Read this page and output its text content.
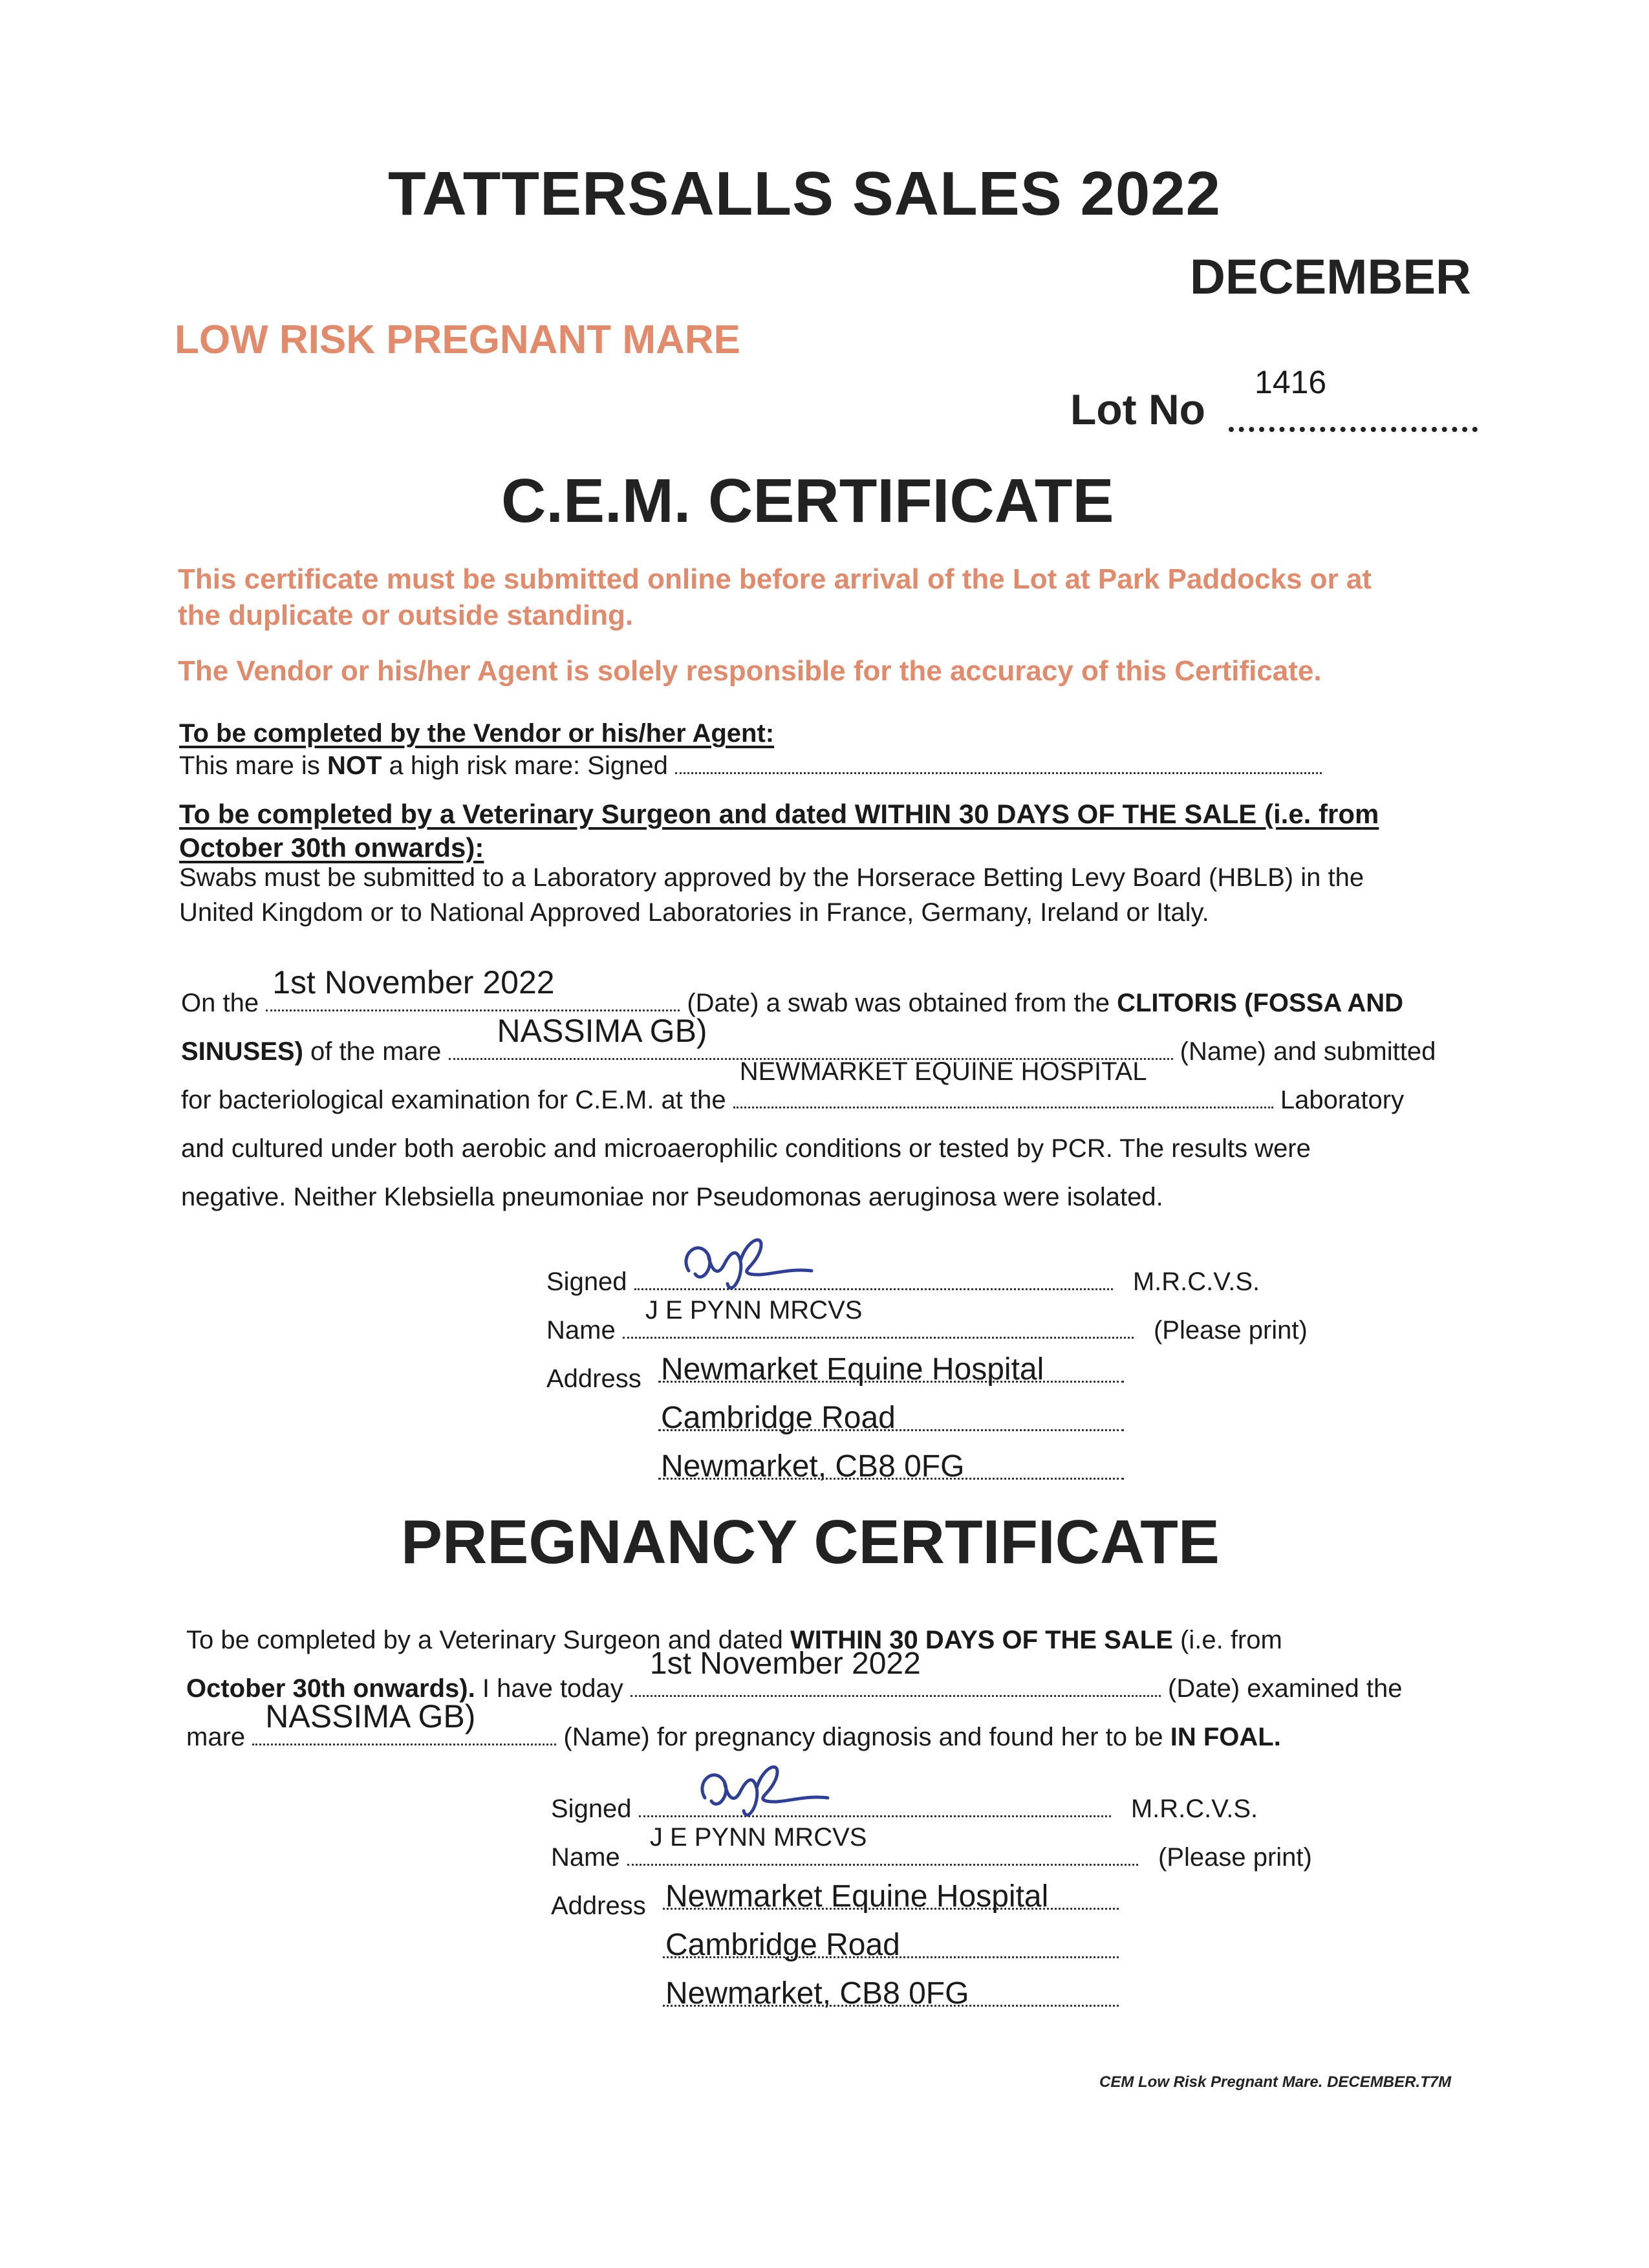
TATTERSALLS SALES 2022
DECEMBER
LOW RISK PREGNANT MARE
Lot No
1416
C.E.M. CERTIFICATE
This certificate must be submitted online before arrival of the Lot at Park Paddocks or at
the duplicate or outside standing.
The Vendor or his/her Agent is solely responsible for the accuracy of this Certificate.
To be completed by the Vendor or his/her Agent:
This mare is NOT a high risk mare: Signed
To be completed by a Veterinary Surgeon and dated WITHIN 30 DAYS OF THE SALE (i.e. from
October 30th onwards):
Swabs must be submitted to a Laboratory approved by the Horserace Betting Levy Board (HBLB) in the
United Kingdom or to National Approved Laboratories in France, Germany, Ireland or Italy.
On the
1st November 2022
(Date) a swab was obtained from the CLITORIS (FOSSA AND
SINUSES) of the mare
NASSIMA GB)
(Name) and submitted
for bacteriological examination for C.E.M. at the
NEWMARKET EQUINE HOSPITAL
Laboratory
and cultured under both aerobic and microaerophilic conditions or tested by PCR. The results were
negative. Neither Klebsiella pneumoniae nor Pseudomonas aeruginosa were isolated.
Signed	M.R.C.V.S.
Name
J E PYNN MRCVS
(Please print)
Address Newmarket Equine Hospital
Cambridge Road
Newmarket, CB8 0FG
PREGNANCY CERTIFICATE
To be completed by a Veterinary Surgeon and dated WITHIN 30 DAYS OF THE SALE (i.e. from
October 30th onwards). I have today
1st November 2022
(Date) examined the
mare
NASSIMA GB)
(Name) for pregnancy diagnosis and found her to be IN FOAL.
Signed	M.R.C.V.S.
Name
J E PYNN MRCVS
(Please print)
Address Newmarket Equine Hospital
Cambridge Road
Newmarket, CB8 0FG
CEM Low Risk Pregnant Mare. DECEMBER.T7M
